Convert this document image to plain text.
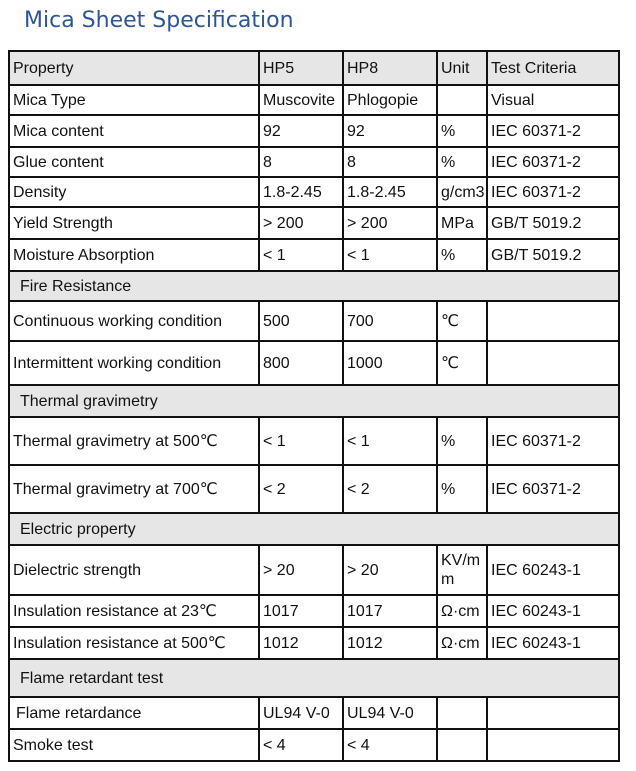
Mica Sheet Specification
Property	HP5	HP8	Unit	Test Criteria
Mica Type	Muscovite	Phlogopie		Visual
Mica content	92	92	%	IEC 60371-2
Glue content	8	8	%	IEC 60371-2
Density	1.8-2.45	1.8-2.45	g/cm3	IEC 60371-2
Yield Strength	> 200	> 200	MPa	GB/T 5019.2
Moisture Absorption	< 1	< 1	%	GB/T 5019.2
Fire Resistance				
Continuous working condition	500	700	℃	
Intermittent working condition	800	1000	℃	
Thermal gravimetry				
Thermal gravimetry at 500℃	< 1	< 1	%	IEC 60371-2
Thermal gravimetry at 700℃	< 2	< 2	%	IEC 60371-2
Electric property				
Dielectric strength	> 20	> 20	KV/mm	IEC 60243-1
Insulation resistance at 23℃	1017	1017	Ω·cm	IEC 60243-1
Insulation resistance at 500℃	1012	1012	Ω·cm	IEC 60243-1
Flame retardant test				
Flame retardance	UL94 V-0	UL94 V-0		
Smoke test	< 4	< 4		
